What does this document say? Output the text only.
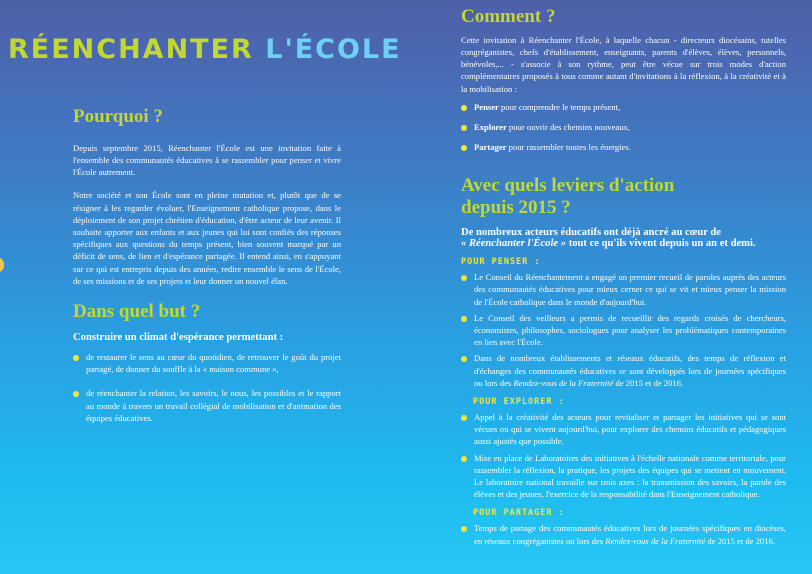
RÉENCHANTER L'ÉCOLE
Pourquoi ?

Depuis septembre 2015, Réenchanter l'École est une invitation faite à l'ensemble des communautés éducatives à se rassembler pour penser et vivre l'École autrement.

Notre société et son École sont en pleine mutation et, plutôt que de se résigner à les regarder évoluer, l'Enseignement catholique propose, dans le déploiement de son projet chrétien d'éducation, d'être acteur de leur avenir. Il souhaite apporter aux enfants et aux jeunes qui lui sont confiés des réponses spécifiques aux questions du temps présent, bien souvent marqué par un déficit de sens, de lien et d'espérance partagée. Il entend ainsi, en s'appuyant sur ce qui est entrepris depuis des années, redire ensemble le sens de l'École, de ses missions et de ses projets et leur donner un nouvel élan.

Dans quel but ?

Construire un climat d'espérance permettant :

de restaurer le sens au cœur du quotidien, de retrouver le goût du projet partagé, de donner du souffle à la « maison commune »,
de réenchanter la relation, les savoirs, le nous, les possibles et le rapport au monde à travers un travail collégial de mobilisation et d'animation des équipes éducatives.
Comment ?

Cette invitation à Réenchanter l'École, à laquelle chacun - directeurs diocésains, tutelles congréganistes, chefs d'établissement, enseignants, parents d'élèves, élèves, personnels, bénévoles,... - s'associe à son rythme, peut être vécue sur trois modes d'action complémentaires proposés à tous comme autant d'invitations à la réflexion, à la créativité et à la mobilisation :

Penser pour comprendre le temps présent,
Explorer pour ouvrir des chemins nouveaux,
Partager pour rassembler toutes les énergies.
Avec quels leviers d'action depuis 2015 ?

De nombreux acteurs éducatifs ont déjà ancré au cœur de
« Réenchanter l'École » tout ce qu'ils vivent depuis un an et demi.

POUR PENSER :

Le Conseil du Réenchantement a engagé un premier recueil de paroles auprès des acteurs des communautés éducatives pour mieux cerner ce qui se vit et mieux penser la mission de l'École catholique dans le monde d'aujourd'hui.
Le Conseil des veilleurs a permis de recueillir des regards croisés de chercheurs, économistes, philosophes, sociologues pour analyser les problématiques contemporaines en lien avec l'École.
Dans de nombreux établissements et réseaux éducatifs, des temps de réflexion et d'échanges des communautés éducatives se sont développés lors de journées spécifiques ou lors des Rendez-vous de la Fraternité de 2015 et de 2016.

POUR EXPLORER :

Appel à la créativité des acteurs pour revitaliser et partager les initiatives qui se sont vécues ou qui se vivent aujourd'hui, pour explorer des chemins éducatifs et pédagogiques aussi ajustés que possible.
Mise en place de Laboratoires des initiatives à l'échelle nationale comme territoriale, pour rassembler la réflexion, la pratique, les projets des équipes qui se mettent en mouvement. Le laboratoire national travaille sur trois axes : la transmission des savoirs, la parole des élèves et des jeunes, l'exercice de la responsabilité dans l'Enseignement catholique.

POUR PARTAGER :

Temps de partage des communautés éducatives lors de journées spécifiques en diocèses, en réseaux congréganistes ou lors des Rendez-vous de la Fraternité de 2015 et de 2016.
